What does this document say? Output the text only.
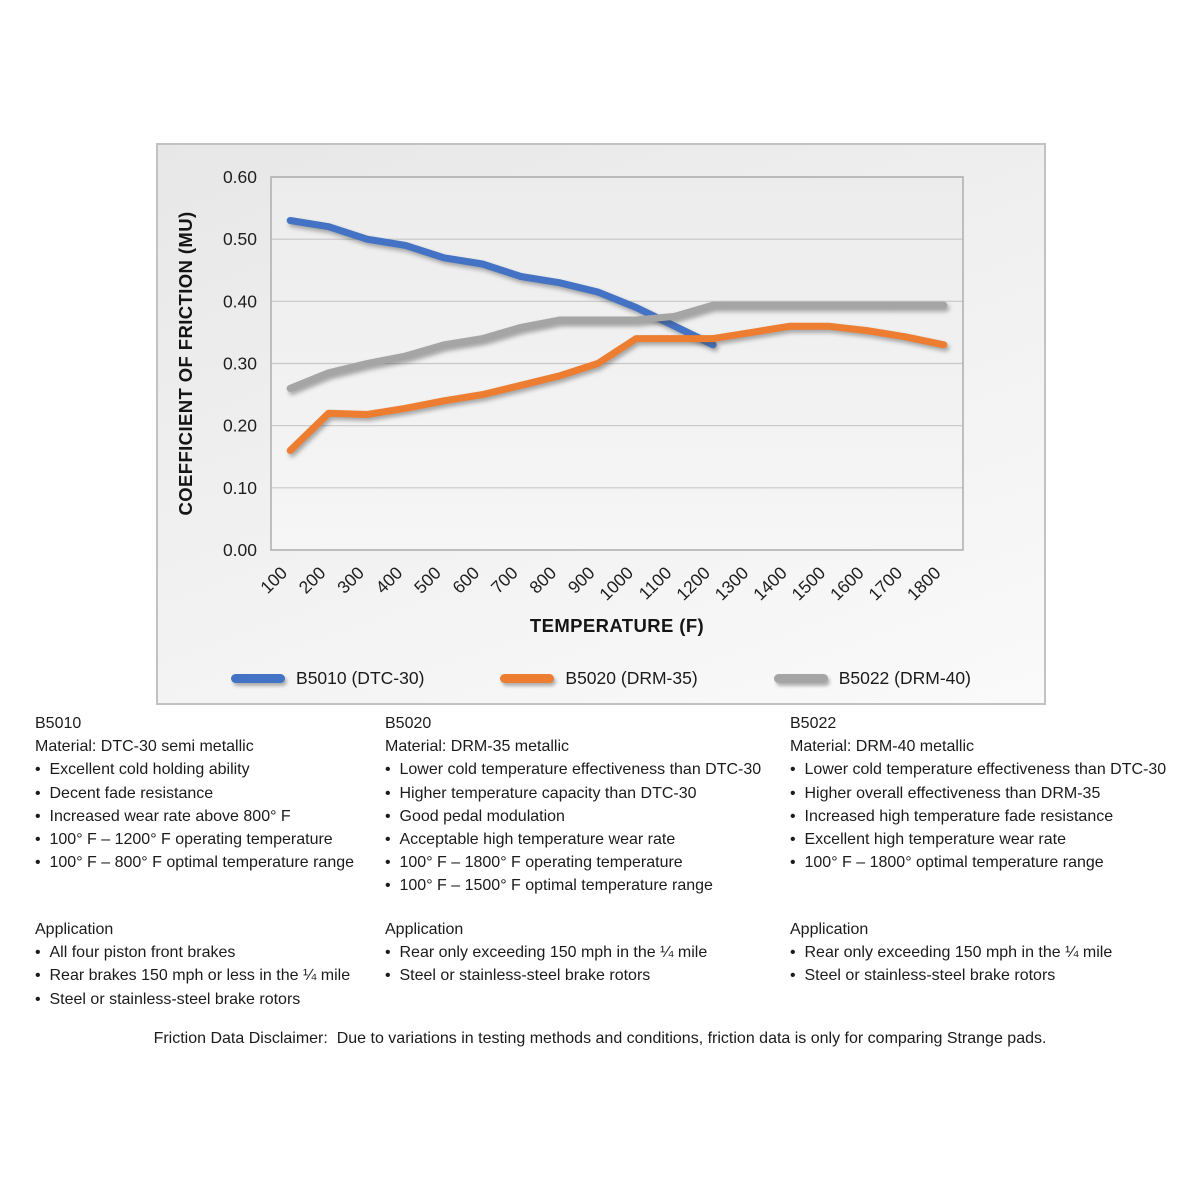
0.00
0.10
0.20
0.30
0.40
0.50
0.60
100 200 300 400 500 600 700 800 900
1000
1100
1200
1300
1400
1500
1600
1700
1800
COEFFICIENT OF FRICTION (MU)
TEMPERATURE (F)
B5010 (DTC-30)	B5020 (DRM-35)	B5022 (DRM-40)
B5010
Material: DTC-30 semi metallic
•  Excellent cold holding ability
•  Decent fade resistance
•  Increased wear rate above 800° F
•  100° F – 1200° F operating temperature
•  100° F – 800° F optimal temperature range
Application
•  All four piston front brakes
•  Rear brakes 150 mph or less in the ¼ mile
•  Steel or stainless-steel brake rotors
B5020
Material: DRM-35 metallic
•  Lower cold temperature effectiveness than DTC-30
•  Higher temperature capacity than DTC-30
•  Good pedal modulation
•  Acceptable high temperature wear rate
•  100° F – 1800° F operating temperature
•  100° F – 1500° F optimal temperature range
Application
•  Rear only exceeding 150 mph in the ¼ mile
•  Steel or stainless-steel brake rotors
B5022
Material: DRM-40 metallic
•  Lower cold temperature effectiveness than DTC-30
•  Higher overall effectiveness than DRM-35
•  Increased high temperature fade resistance
•  Excellent high temperature wear rate
•  100° F – 1800° optimal temperature range
Application
•  Rear only exceeding 150 mph in the ¼ mile
•  Steel or stainless-steel brake rotors
Friction Data Disclaimer:  Due to variations in testing methods and conditions, friction data is only for comparing Strange pads.
